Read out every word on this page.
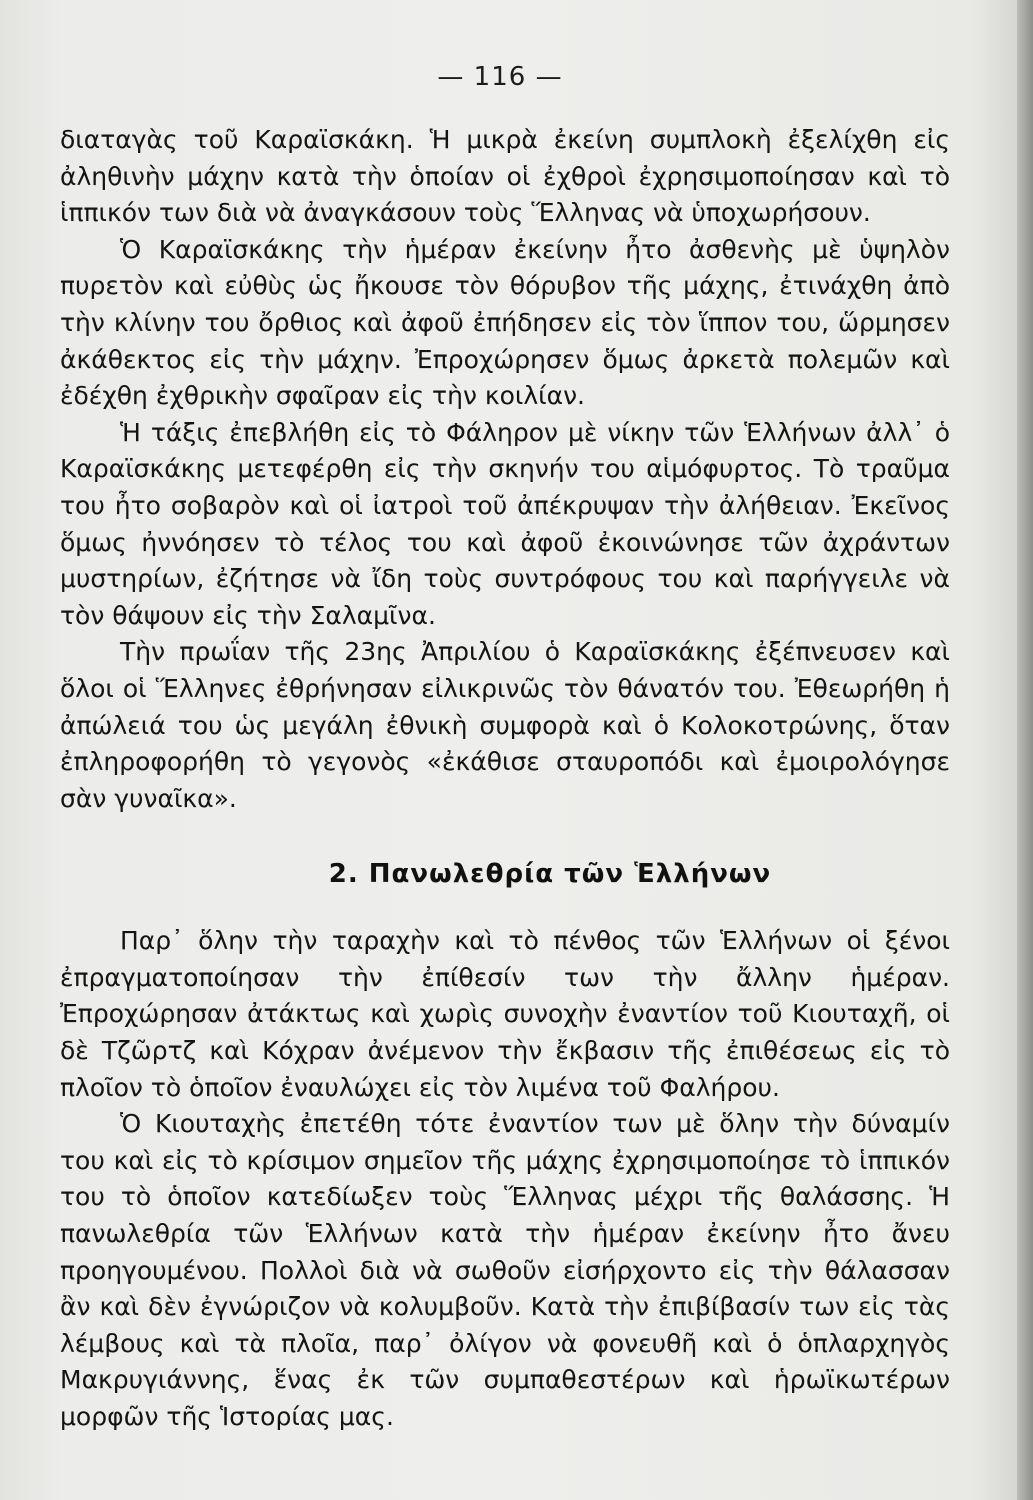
— 116 —

διαταγὰς τοῦ Καραϊσκάκη. Ἡ μικρὰ ἐκείνη συμπλοκὴ ἐξελίχθη εἰς ἀληθινὴν μάχην κατὰ τὴν ὁποίαν οἱ ἐχθροὶ ἐχρησιμοποίησαν καὶ τὸ ἱππικόν των διὰ νὰ ἀναγκάσουν τοὺς Ἕλληνας νὰ ὑποχωρήσουν.

Ὁ Καραϊσκάκης τὴν ἡμέραν ἐκείνην ἦτο ἀσθενὴς μὲ ὑψηλὸν πυρετὸν καὶ εὐθὺς ὡς ἤκουσε τὸν θόρυβον τῆς μάχης, ἐτινάχθη ἀπὸ τὴν κλίνην του ὄρθιος καὶ ἀφοῦ ἐπήδησεν εἰς τὸν ἵππον του, ὥρμησεν ἀκάθεκτος εἰς τὴν μάχην. Ἐπροχώρησεν ὅμως ἀρκετὰ πολεμῶν καὶ ἐδέχθη ἐχθρικὴν σφαῖραν εἰς τὴν κοιλίαν.

Ἡ τάξις ἐπεβλήθη εἰς τὸ Φάληρον μὲ νίκην τῶν Ἑλλήνων ἀλλ᾽ ὁ Καραϊσκάκης μετεφέρθη εἰς τὴν σκηνήν του αἱμόφυρτος. Τὸ τραῦμα του ἦτο σοβαρὸν καὶ οἱ ἰατροὶ τοῦ ἀπέκρυψαν τὴν ἀλήθειαν. Ἐκεῖνος ὅμως ἠννόησεν τὸ τέλος του καὶ ἀφοῦ ἐκοινώνησε τῶν ἀχράντων μυστηρίων, ἐζήτησε νὰ ἴδη τοὺς συντρόφους του καὶ παρήγγειλε νὰ τὸν θάψουν εἰς τὴν Σαλαμῖνα.

Τὴν πρωΐαν τῆς 23ης Ἀπριλίου ὁ Καραϊσκάκης ἐξέπνευσεν καὶ ὅλοι οἱ Ἕλληνες ἐθρήνησαν εἰλικρινῶς τὸν θάνατόν του. Ἐθεωρήθη ἡ ἀπώλειά του ὡς μεγάλη ἐθνικὴ συμφορὰ καὶ ὁ Κολοκοτρώνης, ὅταν ἐπληροφορήθη τὸ γεγονὸς «ἐκάθισε σταυροπόδι καὶ ἐμοιρολόγησε σὰν γυναῖκα».

2. Πανωλεθρία τῶν Ἑλλήνων

Παρ᾽ ὅλην τὴν ταραχὴν καὶ τὸ πένθος τῶν Ἑλλήνων οἱ ξένοι ἐπραγματοποίησαν τὴν ἐπίθεσίν των τὴν ἄλλην ἡμέραν. Ἐπροχώρησαν ἀτάκτως καὶ χωρὶς συνοχὴν ἐναντίον τοῦ Κιουταχῆ, οἱ δὲ Τζῶρτζ καὶ Κόχραν ἀνέμενον τὴν ἔκβασιν τῆς ἐπιθέσεως εἰς τὸ πλοῖον τὸ ὁποῖον ἐναυλώχει εἰς τὸν λιμένα τοῦ Φαλήρου.

Ὁ Κιουταχὴς ἐπετέθη τότε ἐναντίον των μὲ ὅλην τὴν δύναμίν του καὶ εἰς τὸ κρίσιμον σημεῖον τῆς μάχης ἐχρησιμοποίησε τὸ ἱππικόν του τὸ ὁποῖον κατεδίωξεν τοὺς Ἕλληνας μέχρι τῆς θαλάσσης. Ἡ πανωλεθρία τῶν Ἑλλήνων κατὰ τὴν ἡμέραν ἐκείνην ἦτο ἄνευ προηγουμένου. Πολλοὶ διὰ νὰ σωθοῦν εἰσήρχοντο εἰς τὴν θάλασσαν ἂν καὶ δὲν ἐγνώριζον νὰ κολυμβοῦν. Κατὰ τὴν ἐπιβίβασίν των εἰς τὰς λέμβους καὶ τὰ πλοῖα, παρ᾽ ὀλίγον νὰ φονευθῆ καὶ ὁ ὁπλαρχηγὸς Μακρυγιάννης, ἕνας ἐκ τῶν συμπαθεστέρων καὶ ἡρωϊκωτέρων μορφῶν τῆς Ἱστορίας μας.
